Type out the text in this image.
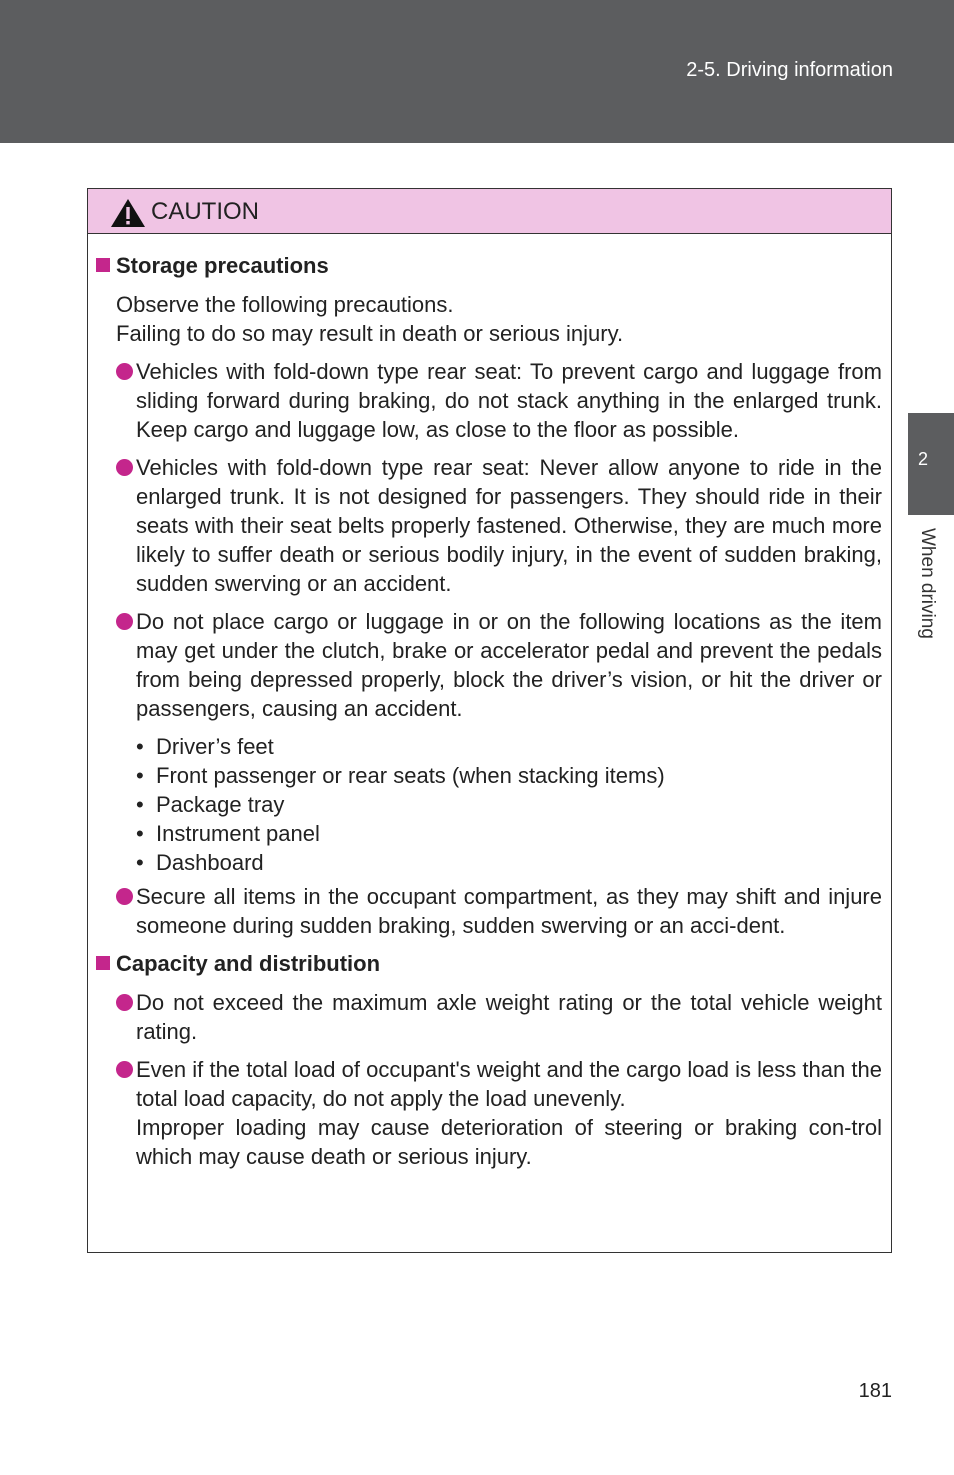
2-5. Driving information
2
When driving
CAUTION
Storage precautions

Observe the following precautions.

Failing to do so may result in death or serious injury.

Vehicles with fold-down type rear seat: To prevent cargo and luggage from sliding forward during braking, do not stack anything in the enlarged trunk. Keep cargo and luggage low, as close to the floor as possible.

Vehicles with fold-down type rear seat: Never allow anyone to ride in the enlarged trunk. It is not designed for passengers. They should ride in their seats with their seat belts properly fastened. Otherwise, they are much more likely to suffer death or serious bodily injury, in the event of sudden braking, sudden swerving or an accident.

Do not place cargo or luggage in or on the following locations as the item may get under the clutch, brake or accelerator pedal and prevent the pedals from being depressed properly, block the driver’s vision, or hit the driver or passengers, causing an accident.

• Driver’s feet
• Front passenger or rear seats (when stacking items)
• Package tray
• Instrument panel
• Dashboard

Secure all items in the occupant compartment, as they may shift and injure someone during sudden braking, sudden swerving or an acci-dent.

Capacity and distribution

Do not exceed the maximum axle weight rating or the total vehicle weight rating.

Even if the total load of occupant's weight and the cargo load is less than the total load capacity, do not apply the load unevenly.

Improper loading may cause deterioration of steering or braking con-trol which may cause death or serious injury.

181
